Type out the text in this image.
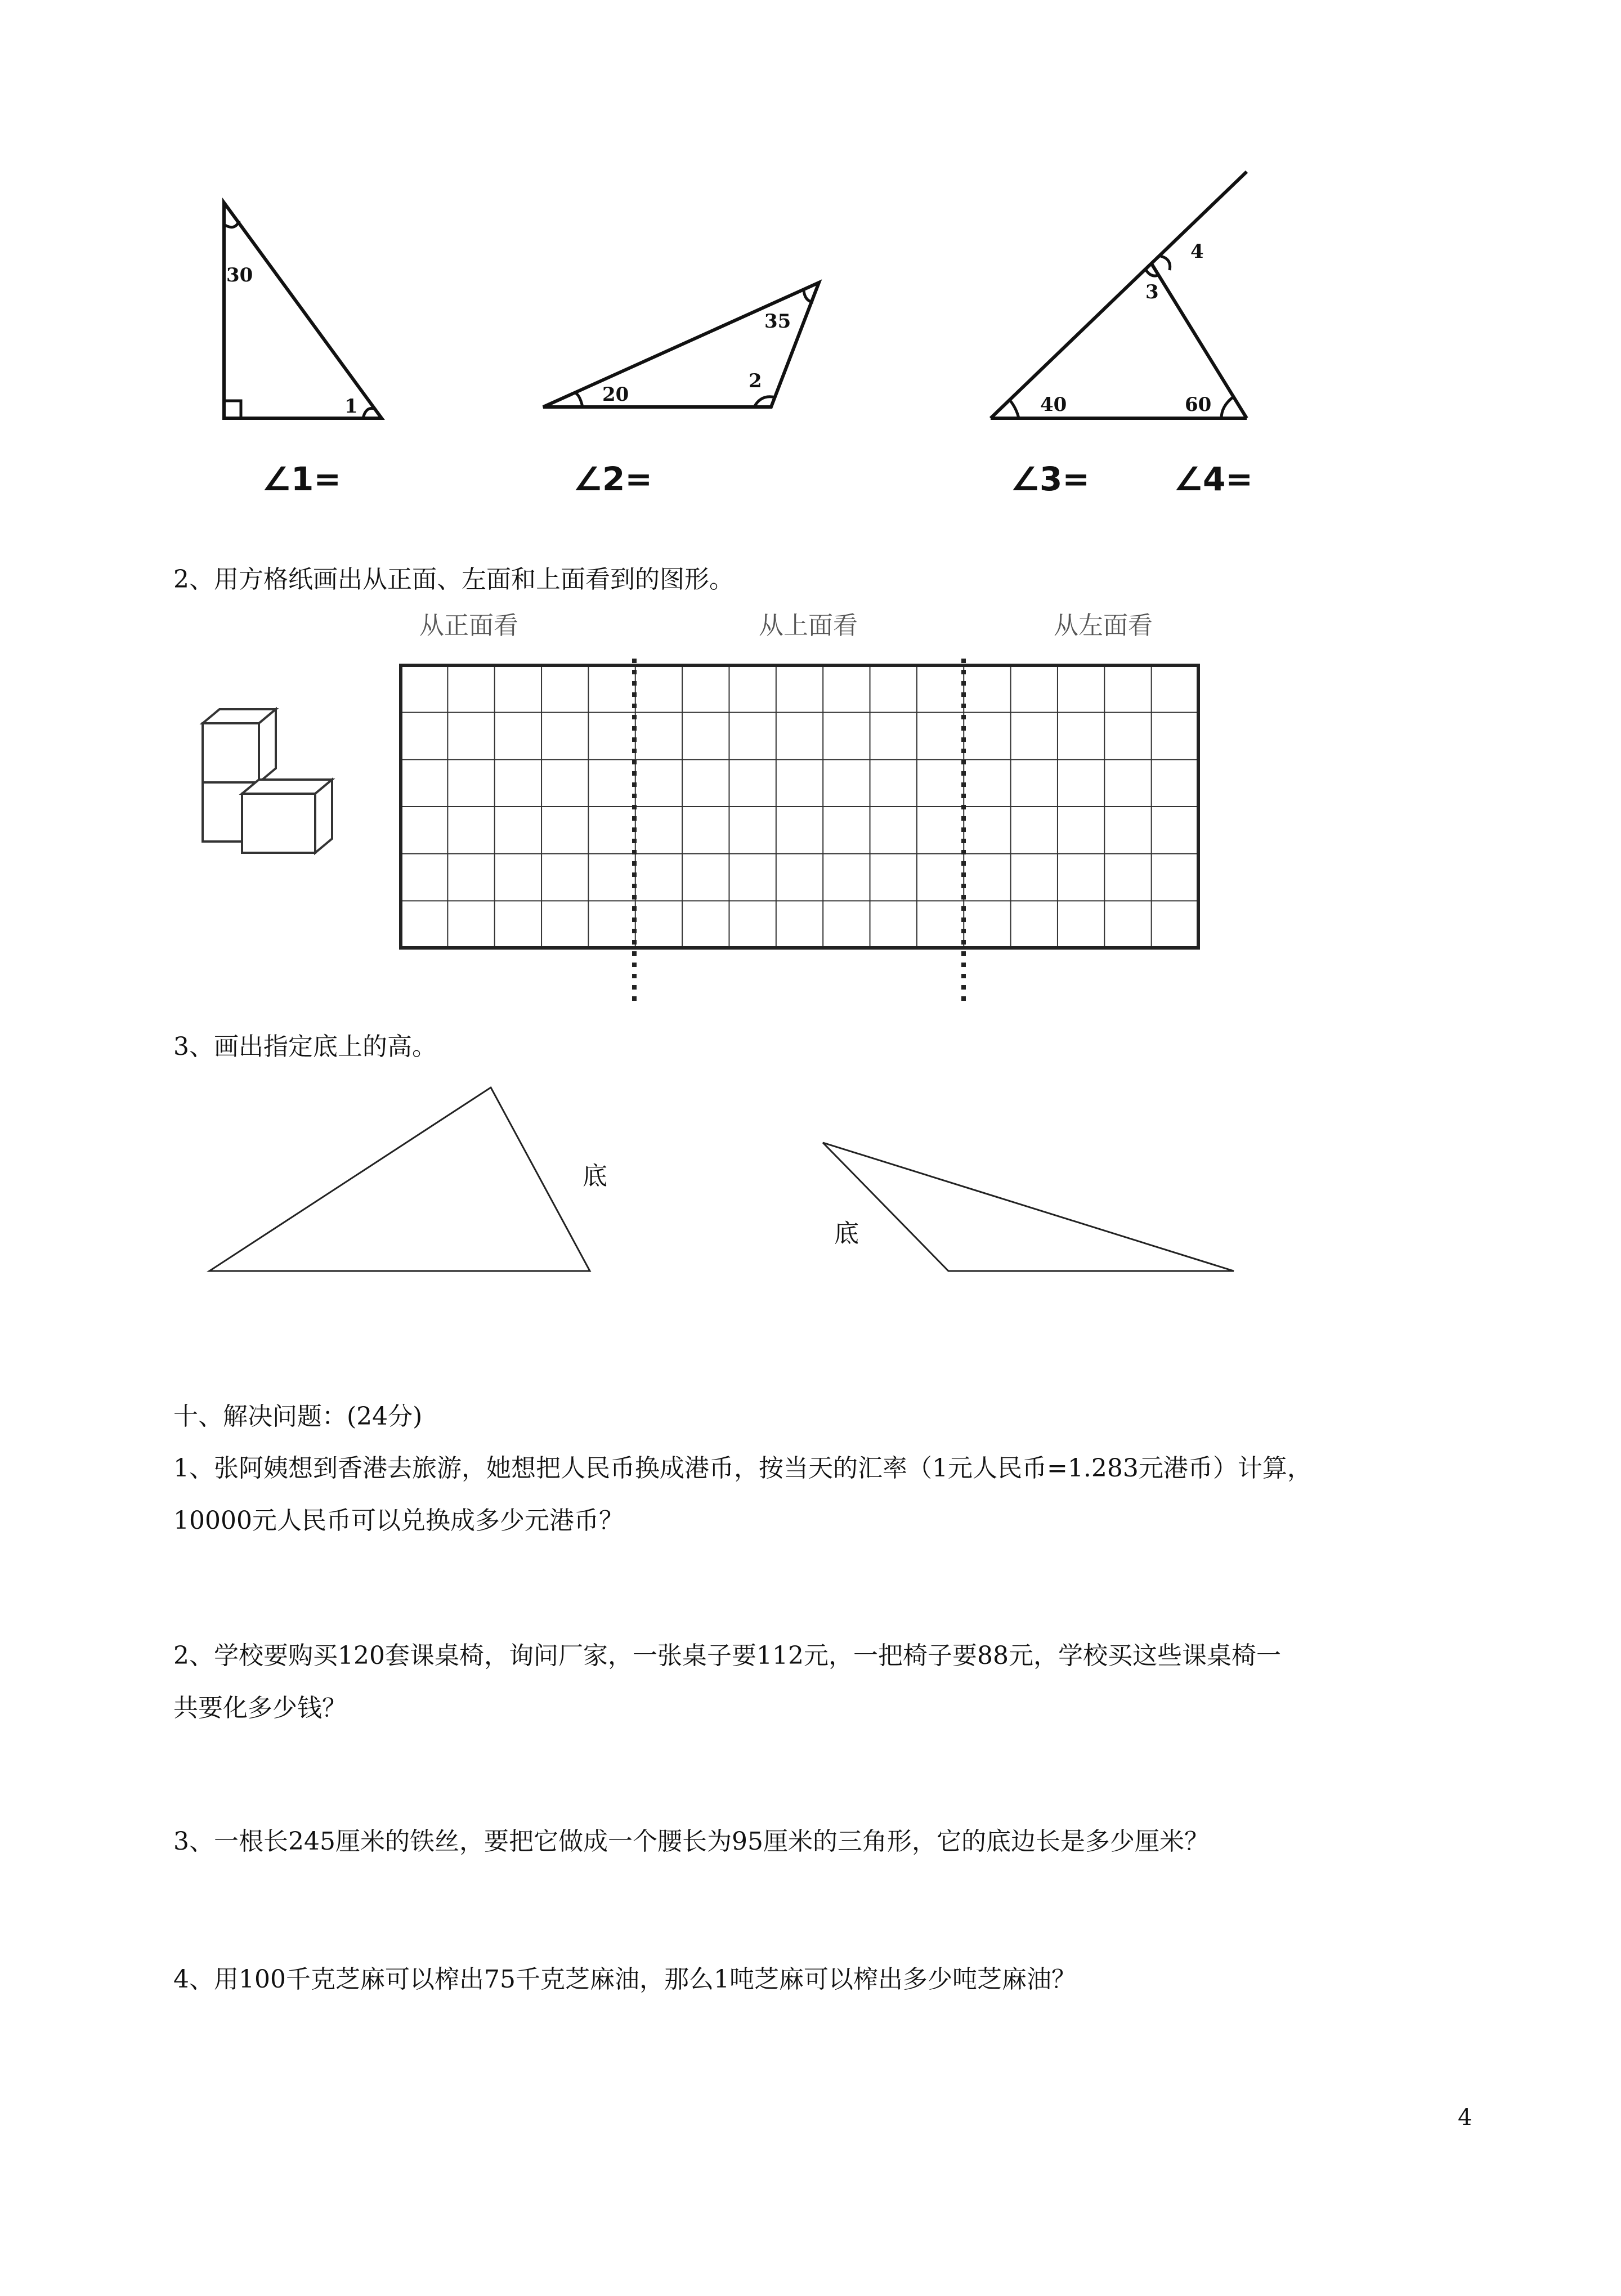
30
1
35
20
2
40	60
3
4
∠1=	∠2=	∠3=	∠4=
2、用方格纸画出从正面、左面和上面看到的图形。
从正面看	从上面看	从左面看
3、画出指定底上的高。
底
底
十、解决问题：(24分)
1、张阿姨想到香港去旅游，她想把人民币换成港币，按当天的汇率（1元人民币=1.283元港币）计算，
10000元人民币可以兑换成多少元港币？
2、学校要购买120套课桌椅，询问厂家，一张桌子要112元，一把椅子要88元，学校买这些课桌椅一
共要化多少钱？
3、一根长245厘米的铁丝，要把它做成一个腰长为95厘米的三角形，它的底边长是多少厘米？
4、用100千克芝麻可以榨出75千克芝麻油，那么1吨芝麻可以榨出多少吨芝麻油？
4
